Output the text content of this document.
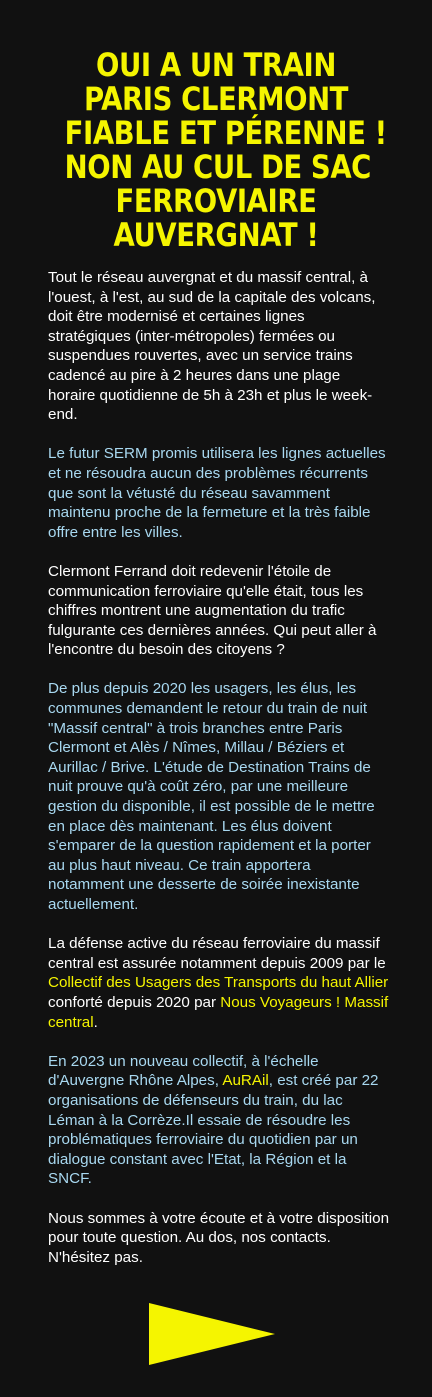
OUI A UN TRAIN
PARIS CLERMONT
FIABLE ET PÉRENNE !
NON AU CUL DE SAC
FERROVIAIRE
AUVERGNAT !

Tout le réseau auvergnat et du massif central, à l'ouest, à l'est, au sud de la capitale des volcans, doit être modernisé et certaines lignes stratégiques (inter-métropoles) fermées ou suspendues rouvertes, avec un service trains cadencé au pire à 2 heures dans une plage horaire quotidienne de 5h à 23h et plus le week-end.

Le futur SERM promis utilisera les lignes actuelles et ne résoudra aucun des problèmes récurrents que sont la vétusté du réseau savamment maintenu proche de la fermeture et la très faible offre entre les villes.

Clermont Ferrand doit redevenir l'étoile de communication ferroviaire qu'elle était, tous les chiffres montrent une augmentation du trafic fulgurante ces dernières années. Qui peut aller à l'encontre du besoin des citoyens ?

De plus depuis 2020 les usagers, les élus, les communes demandent le retour du train de nuit "Massif central" à trois branches entre Paris Clermont et Alès / Nîmes, Millau / Béziers et Aurillac / Brive. L'étude de Destination Trains de nuit prouve qu'à coût zéro, par une meilleure gestion du disponible, il est possible de le mettre en place dès maintenant. Les élus doivent s'emparer de la question rapidement et la porter au plus haut niveau. Ce train apportera notamment une desserte de soirée inexistante actuellement.

La défense active du réseau ferroviaire du massif central est assurée notamment depuis 2009 par le Collectif des Usagers des Transports du haut Allier conforté depuis 2020 par Nous Voyageurs ! Massif central.

En 2023 un nouveau collectif, à l'échelle d'Auvergne Rhône Alpes, AuRAil, est créé par 22 organisations de défenseurs du train, du lac Léman à la Corrèze.Il essaie de résoudre les problématiques ferroviaire du quotidien par un dialogue constant avec l'Etat, la Région et la SNCF.

Nous sommes à votre écoute et à votre disposition pour toute question. Au dos, nos contacts. N'hésitez pas.
